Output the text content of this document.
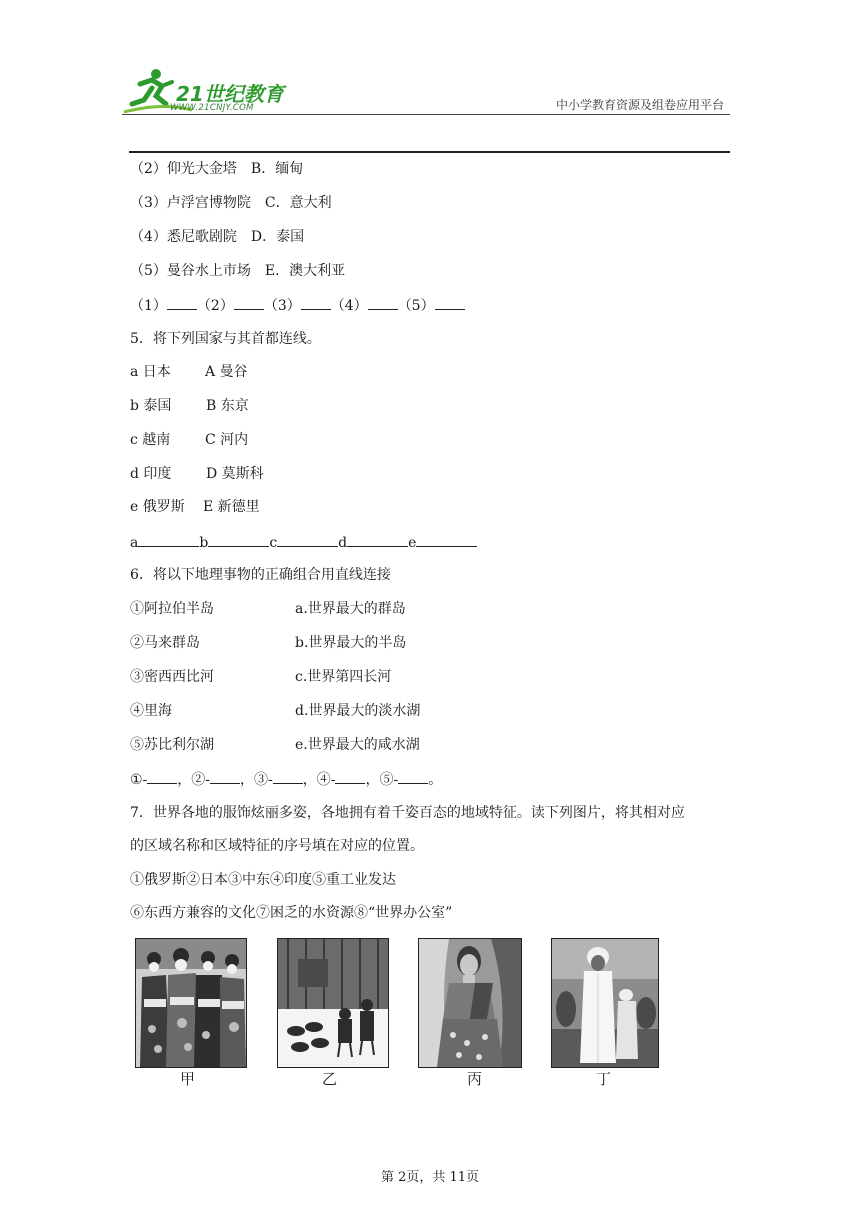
21世纪教育
WWW.21CNJY.COM	中小学教育资源及组卷应用平台
（2）仰光大金塔　B．缅甸
（3）卢浮宫博物院　C．意大利
（4）悉尼歌剧院　D．泰国
（5）曼谷水上市场　E．澳大利亚
（1） （2） （3） （4） （5）
5．将下列国家与其首都连线。
a 日本 A 曼谷
b 泰国 B 东京
c 越南 C 河内
d 印度 D 莫斯科
e 俄罗斯 E 新德里
a	b	c	d	e
6．将以下地理事物的正确组合用直线连接
①阿拉伯半岛	a.世界最大的群岛
②马来群岛	b.世界最大的半岛
③密西西比河	c.世界第四长河
④里海	d.世界最大的淡水湖
⑤苏比利尔湖	e.世界最大的咸水湖
①- ，②- ，③- ，④- ，⑤- 。
7．世界各地的服饰炫丽多姿，各地拥有着千姿百态的地域特征。读下列图片，将其相对应
的区域名称和区域特征的序号填在对应的位置。
①俄罗斯②日本③中东④印度⑤重工业发达
⑥东西方兼容的文化⑦困乏的水资源⑧“世界办公室”
甲	乙	丙	丁
第 2页，共 11页
